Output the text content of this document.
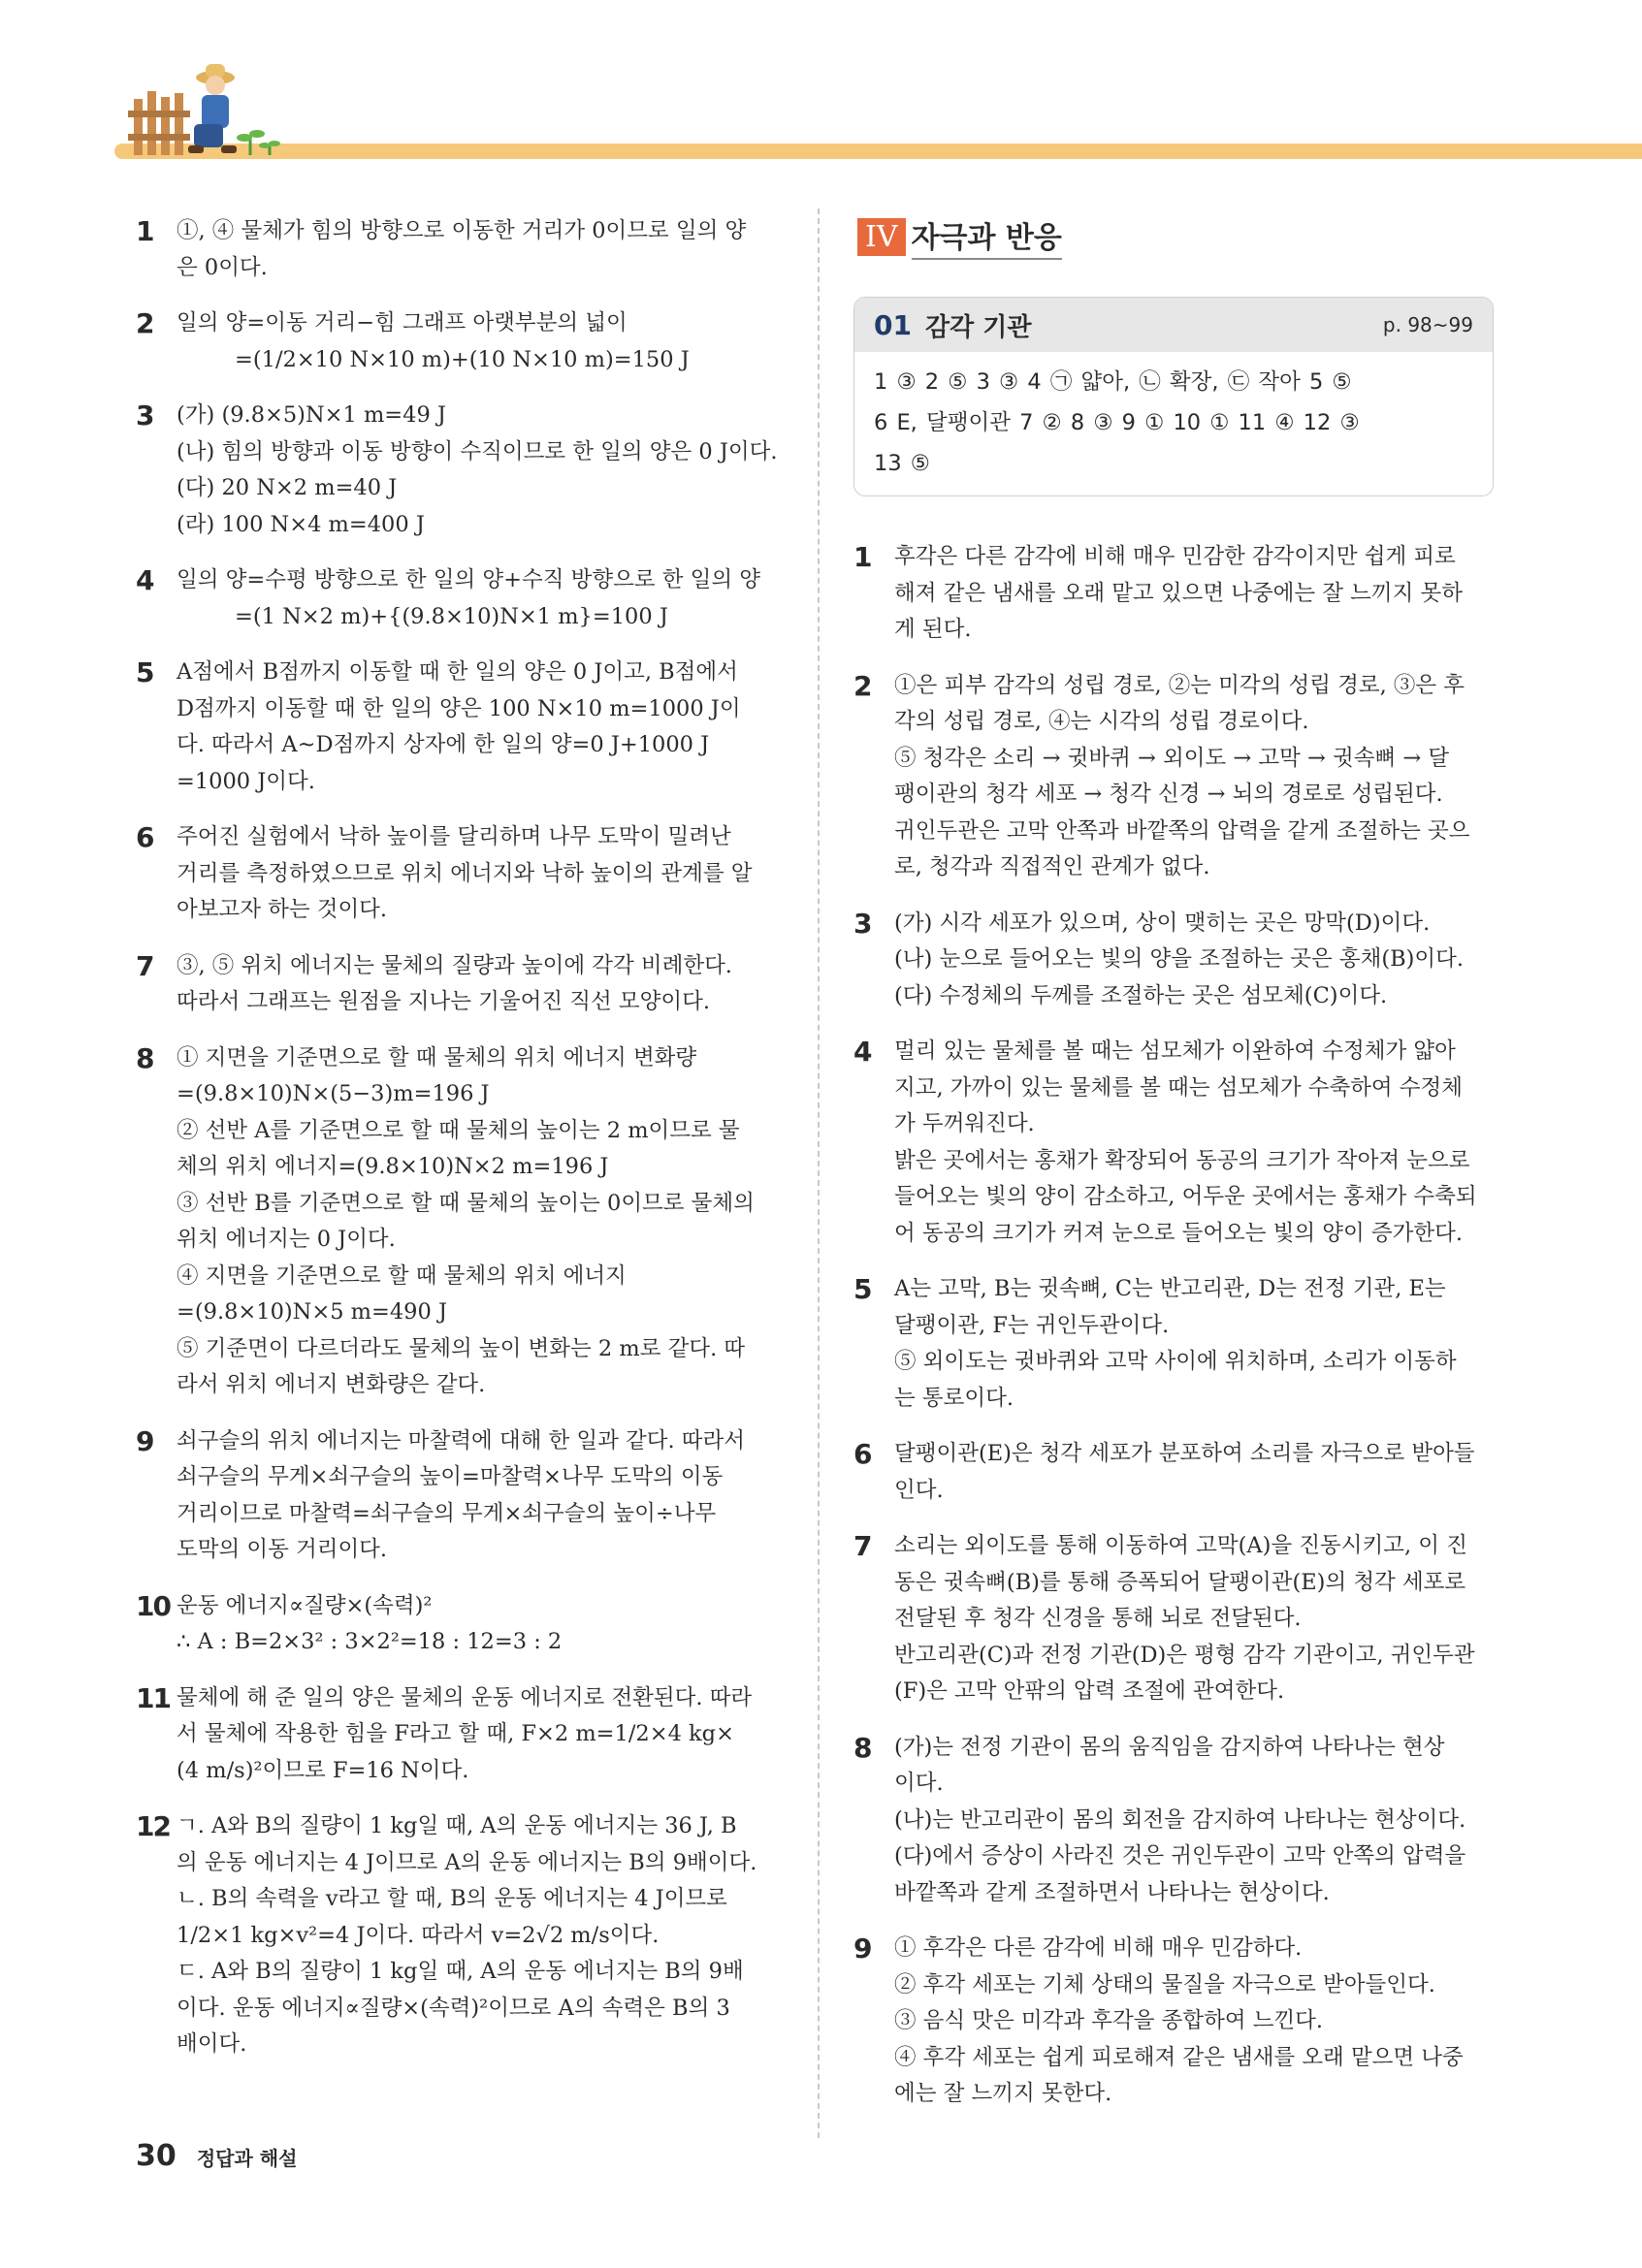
1 ①, ④ 물체가 힘의 방향으로 이동한 거리가 0이므로 일의 양
은 0이다.
2 일의 양=이동 거리−힘 그래프 아랫부분의 넓이
=(1/2×10 N×10 m)+(10 N×10 m)=150 J
3 (가) (9.8×5)N×1 m=49 J
(나) 힘의 방향과 이동 방향이 수직이므로 한 일의 양은 0 J이다.
(다) 20 N×2 m=40 J
(라) 100 N×4 m=400 J
4 일의 양=수평 방향으로 한 일의 양+수직 방향으로 한 일의 양
=(1 N×2 m)+{(9.8×10)N×1 m}=100 J
5 A점에서 B점까지 이동할 때 한 일의 양은 0 J이고, B점에서
D점까지 이동할 때 한 일의 양은 100 N×10 m=1000 J이
다. 따라서 A~D점까지 상자에 한 일의 양=0 J+1000 J
=1000 J이다.
6 주어진 실험에서 낙하 높이를 달리하며 나무 도막이 밀려난
거리를 측정하였으므로 위치 에너지와 낙하 높이의 관계를 알
아보고자 하는 것이다.
7 ③, ⑤ 위치 에너지는 물체의 질량과 높이에 각각 비례한다.
따라서 그래프는 원점을 지나는 기울어진 직선 모양이다.
8 ① 지면을 기준면으로 할 때 물체의 위치 에너지 변화량
=(9.8×10)N×(5−3)m=196 J
② 선반 A를 기준면으로 할 때 물체의 높이는 2 m이므로 물
체의 위치 에너지=(9.8×10)N×2 m=196 J
③ 선반 B를 기준면으로 할 때 물체의 높이는 0이므로 물체의
위치 에너지는 0 J이다.
④ 지면을 기준면으로 할 때 물체의 위치 에너지
=(9.8×10)N×5 m=490 J
⑤ 기준면이 다르더라도 물체의 높이 변화는 2 m로 같다. 따
라서 위치 에너지 변화량은 같다.
9 쇠구슬의 위치 에너지는 마찰력에 대해 한 일과 같다. 따라서
쇠구슬의 무게×쇠구슬의 높이=마찰력×나무 도막의 이동
거리이므로 마찰력=쇠구슬의 무게×쇠구슬의 높이÷나무
도막의 이동 거리이다.
10 운동 에너지∝질량×(속력)²
∴ A : B=2×3² : 3×2²=18 : 12=3 : 2
11 물체에 해 준 일의 양은 물체의 운동 에너지로 전환된다. 따라
서 물체에 작용한 힘을 F라고 할 때, F×2 m=1/2×4 kg×
(4 m/s)²이므로 F=16 N이다.
12 ㄱ. A와 B의 질량이 1 kg일 때, A의 운동 에너지는 36 J, B
의 운동 에너지는 4 J이므로 A의 운동 에너지는 B의 9배이다.
ㄴ. B의 속력을 v라고 할 때, B의 운동 에너지는 4 J이므로
1/2×1 kg×v²=4 J이다. 따라서 v=2√2 m/s이다.
ㄷ. A와 B의 질량이 1 kg일 때, A의 운동 에너지는 B의 9배
이다. 운동 에너지∝질량×(속력)²이므로 A의 속력은 B의 3
배이다.
IV 자극과 반응
01 감각 기관	p. 98~99
1 ③ 2 ⑤ 3 ③ 4 ㉠ 얇아, ㉡ 확장, ㉢ 작아 5 ⑤
6 E, 달팽이관 7 ② 8 ③ 9 ① 10 ① 11 ④ 12 ③
13 ⑤
1 후각은 다른 감각에 비해 매우 민감한 감각이지만 쉽게 피로
해져 같은 냄새를 오래 맡고 있으면 나중에는 잘 느끼지 못하
게 된다.
2 ①은 피부 감각의 성립 경로, ②는 미각의 성립 경로, ③은 후
각의 성립 경로, ④는 시각의 성립 경로이다.
⑤ 청각은 소리 → 귓바퀴 → 외이도 → 고막 → 귓속뼈 → 달
팽이관의 청각 세포 → 청각 신경 → 뇌의 경로로 성립된다.
귀인두관은 고막 안쪽과 바깥쪽의 압력을 같게 조절하는 곳으
로, 청각과 직접적인 관계가 없다.
3 (가) 시각 세포가 있으며, 상이 맺히는 곳은 망막(D)이다.
(나) 눈으로 들어오는 빛의 양을 조절하는 곳은 홍채(B)이다.
(다) 수정체의 두께를 조절하는 곳은 섬모체(C)이다.
4 멀리 있는 물체를 볼 때는 섬모체가 이완하여 수정체가 얇아
지고, 가까이 있는 물체를 볼 때는 섬모체가 수축하여 수정체
가 두꺼워진다.
밝은 곳에서는 홍채가 확장되어 동공의 크기가 작아져 눈으로
들어오는 빛의 양이 감소하고, 어두운 곳에서는 홍채가 수축되
어 동공의 크기가 커져 눈으로 들어오는 빛의 양이 증가한다.
5 A는 고막, B는 귓속뼈, C는 반고리관, D는 전정 기관, E는
달팽이관, F는 귀인두관이다.
⑤ 외이도는 귓바퀴와 고막 사이에 위치하며, 소리가 이동하
는 통로이다.
6 달팽이관(E)은 청각 세포가 분포하여 소리를 자극으로 받아들
인다.
7 소리는 외이도를 통해 이동하여 고막(A)을 진동시키고, 이 진
동은 귓속뼈(B)를 통해 증폭되어 달팽이관(E)의 청각 세포로
전달된 후 청각 신경을 통해 뇌로 전달된다.
반고리관(C)과 전정 기관(D)은 평형 감각 기관이고, 귀인두관
(F)은 고막 안팎의 압력 조절에 관여한다.
8 (가)는 전정 기관이 몸의 움직임을 감지하여 나타나는 현상
이다.
(나)는 반고리관이 몸의 회전을 감지하여 나타나는 현상이다.
(다)에서 증상이 사라진 것은 귀인두관이 고막 안쪽의 압력을
바깥쪽과 같게 조절하면서 나타나는 현상이다.
9 ① 후각은 다른 감각에 비해 매우 민감하다.
② 후각 세포는 기체 상태의 물질을 자극으로 받아들인다.
③ 음식 맛은 미각과 후각을 종합하여 느낀다.
④ 후각 세포는 쉽게 피로해져 같은 냄새를 오래 맡으면 나중
에는 잘 느끼지 못한다.
30 정답과 해설
